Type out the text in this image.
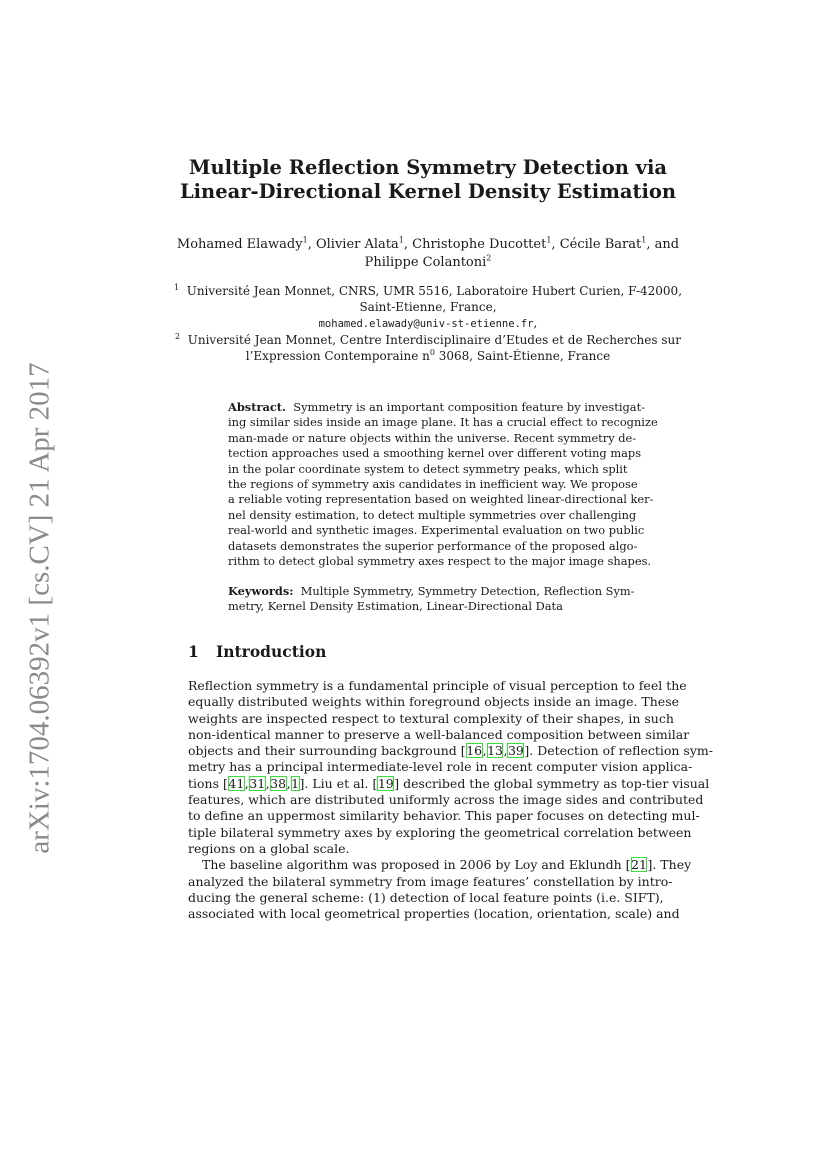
arXiv:1704.06392v1 [cs.CV] 21 Apr 2017
Multiple Reflection Symmetry Detection via
Linear-Directional Kernel Density Estimation
Mohamed Elawady$^1$, Olivier Alata$^1$, Christophe Ducottet$^1$, Cécile Barat$^1$, and
Philippe Colantoni$^2$
$^1$ Université Jean Monnet, CNRS, UMR 5516, Laboratoire Hubert Curien, F-42000,
Saint-Etienne, France,
mohamed.elawady@univ-st-etienne.fr,
$^2$ Université Jean Monnet, Centre Interdisciplinaire d’Etudes et de Recherches sur
l’Expression Contemporaine $n^0$ 3068, Saint-Étienne, France
Abstract. Symmetry is an important composition feature by investigat-
ing similar sides inside an image plane. It has a crucial effect to recognize
man-made or nature objects within the universe. Recent symmetry de-
tection approaches used a smoothing kernel over different voting maps
in the polar coordinate system to detect symmetry peaks, which split
the regions of symmetry axis candidates in inefficient way. We propose
a reliable voting representation based on weighted linear-directional ker-
nel density estimation, to detect multiple symmetries over challenging
real-world and synthetic images. Experimental evaluation on two public
datasets demonstrates the superior performance of the proposed algo-
rithm to detect global symmetry axes respect to the major image shapes.
Keywords: Multiple Symmetry, Symmetry Detection, Reflection Sym-
metry, Kernel Density Estimation, Linear-Directional Data
1 Introduction
Reflection symmetry is a fundamental principle of visual perception to feel the
equally distributed weights within foreground objects inside an image. These
weights are inspected respect to textural complexity of their shapes, in such
non-identical manner to preserve a well-balanced composition between similar
objects and their surrounding background [16,13,39]. Detection of reflection sym-
metry has a principal intermediate-level role in recent computer vision applica-
tions [41,31,38,1]. Liu et al. [19] described the global symmetry as top-tier visual
features, which are distributed uniformly across the image sides and contributed
to define an uppermost similarity behavior. This paper focuses on detecting mul-
tiple bilateral symmetry axes by exploring the geometrical correlation between
regions on a global scale.
The baseline algorithm was proposed in 2006 by Loy and Eklundh [21]. They
analyzed the bilateral symmetry from image features’ constellation by intro-
ducing the general scheme: (1) detection of local feature points (i.e. SIFT),
associated with local geometrical properties (location, orientation, scale) and
